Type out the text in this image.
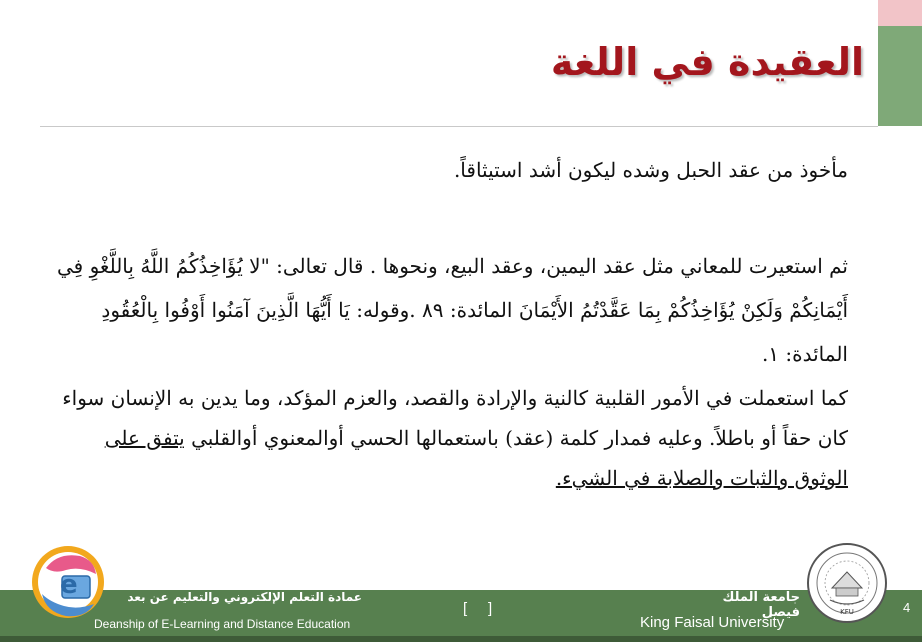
العقيدة في اللغة

مأخوذ من عقد الحبل وشده ليكون أشد استيثاقاً.

ثم استعيرت للمعاني مثل عقد اليمين، وعقد البيع، ونحوها . قال تعالى: "لا يُؤَاخِذُكُمُ اللَّهُ بِاللَّغْوِ فِي أَيْمَانِكُمْ وَلَكِنْ يُؤَاخِذُكُمْ بِمَا عَقَّدْتُمُ الأَيْمَانَ المائدة: ٨٩ .وقوله: يَا أَيُّهَا الَّذِينَ آمَنُوا أَوْفُوا بِالْعُقُودِ المائدة: ١.

كما استعملت في الأمور القلبية كالنية والإرادة والقصد، والعزم المؤكد، وما يدين به الإنسان سواء كان حقاً أو باطلاً. وعليه فمدار كلمة (عقد) باستعمالها الحسي أوالمعنوي أوالقلبي يتفق على الوثوق والثبات والصلابة في الشيء.

KFU
e
4
جامعة الملك فيصل
King Faisal University
[     ]
عمادة التعلم الإلكتروني والتعليم عن بعد
Deanship of E-Learning and Distance Education
